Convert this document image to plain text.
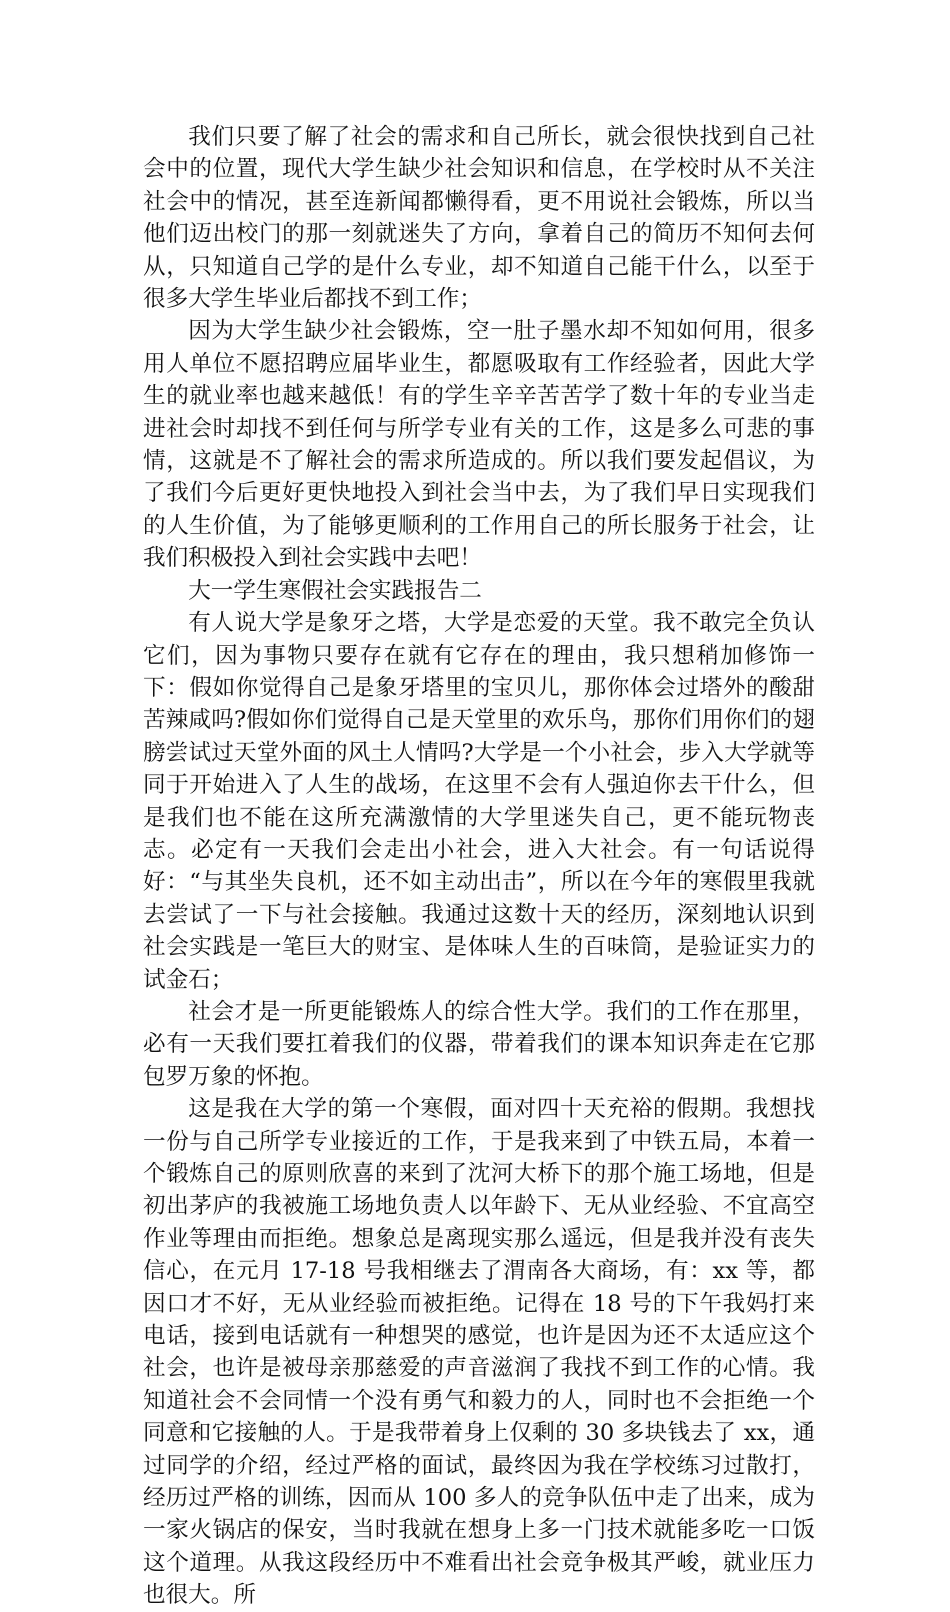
我们只要了解了社会的需求和自己所长，就会很快找到自己社会中的位置，现代大学生缺少社会知识和信息，在学校时从不关注社会中的情况，甚至连新闻都懒得看，更不用说社会锻炼，所以当他们迈出校门的那一刻就迷失了方向，拿着自己的简历不知何去何从，只知道自己学的是什么专业，却不知道自己能干什么，以至于很多大学生毕业后都找不到工作；

因为大学生缺少社会锻炼，空一肚子墨水却不知如何用，很多用人单位不愿招聘应届毕业生，都愿吸取有工作经验者，因此大学生的就业率也越来越低！有的学生辛辛苦苦学了数十年的专业当走进社会时却找不到任何与所学专业有关的工作，这是多么可悲的事情，这就是不了解社会的需求所造成的。所以我们要发起倡议，为了我们今后更好更快地投入到社会当中去，为了我们早日实现我们的人生价值，为了能够更顺利的工作用自己的所长服务于社会，让我们积极投入到社会实践中去吧！

大一学生寒假社会实践报告二

有人说大学是象牙之塔，大学是恋爱的天堂。我不敢完全负认它们，因为事物只要存在就有它存在的理由，我只想稍加修饰一下：假如你觉得自己是象牙塔里的宝贝儿，那你体会过塔外的酸甜苦辣咸吗?假如你们觉得自己是天堂里的欢乐鸟，那你们用你们的翅膀尝试过天堂外面的风土人情吗?大学是一个小社会，步入大学就等同于开始进入了人生的战场，在这里不会有人强迫你去干什么，但是我们也不能在这所充满激情的大学里迷失自己，更不能玩物丧志。必定有一天我们会走出小社会，进入大社会。有一句话说得好：“与其坐失良机，还不如主动出击”，所以在今年的寒假里我就去尝试了一下与社会接触。我通过这数十天的经历，深刻地认识到社会实践是一笔巨大的财宝、是体味人生的百味筒，是验证实力的试金石；

社会才是一所更能锻炼人的综合性大学。我们的工作在那里，必有一天我们要扛着我们的仪器，带着我们的课本知识奔走在它那包罗万象的怀抱。

这是我在大学的第一个寒假，面对四十天充裕的假期。我想找一份与自己所学专业接近的工作，于是我来到了中铁五局，本着一个锻炼自己的原则欣喜的来到了沈河大桥下的那个施工场地，但是初出茅庐的我被施工场地负责人以年龄下、无从业经验、不宜高空作业等理由而拒绝。想象总是离现实那么遥远，但是我并没有丧失信心，在元月 17-18 号我相继去了渭南各大商场，有：xx 等，都因口才不好，无从业经验而被拒绝。记得在 18 号的下午我妈打来电话，接到电话就有一种想哭的感觉，也许是因为还不太适应这个社会，也许是被母亲那慈爱的声音滋润了我找不到工作的心情。我知道社会不会同情一个没有勇气和毅力的人，同时也不会拒绝一个同意和它接触的人。于是我带着身上仅剩的 30 多块钱去了 xx，通过同学的介绍，经过严格的面试，最终因为我在学校练习过散打，经历过严格的训练，因而从 100 多人的竞争队伍中走了出来，成为一家火锅店的保安，当时我就在想身上多一门技术就能多吃一口饭这个道理。从我这段经历中不难看出社会竞争极其严峻，就业压力也很大。所
